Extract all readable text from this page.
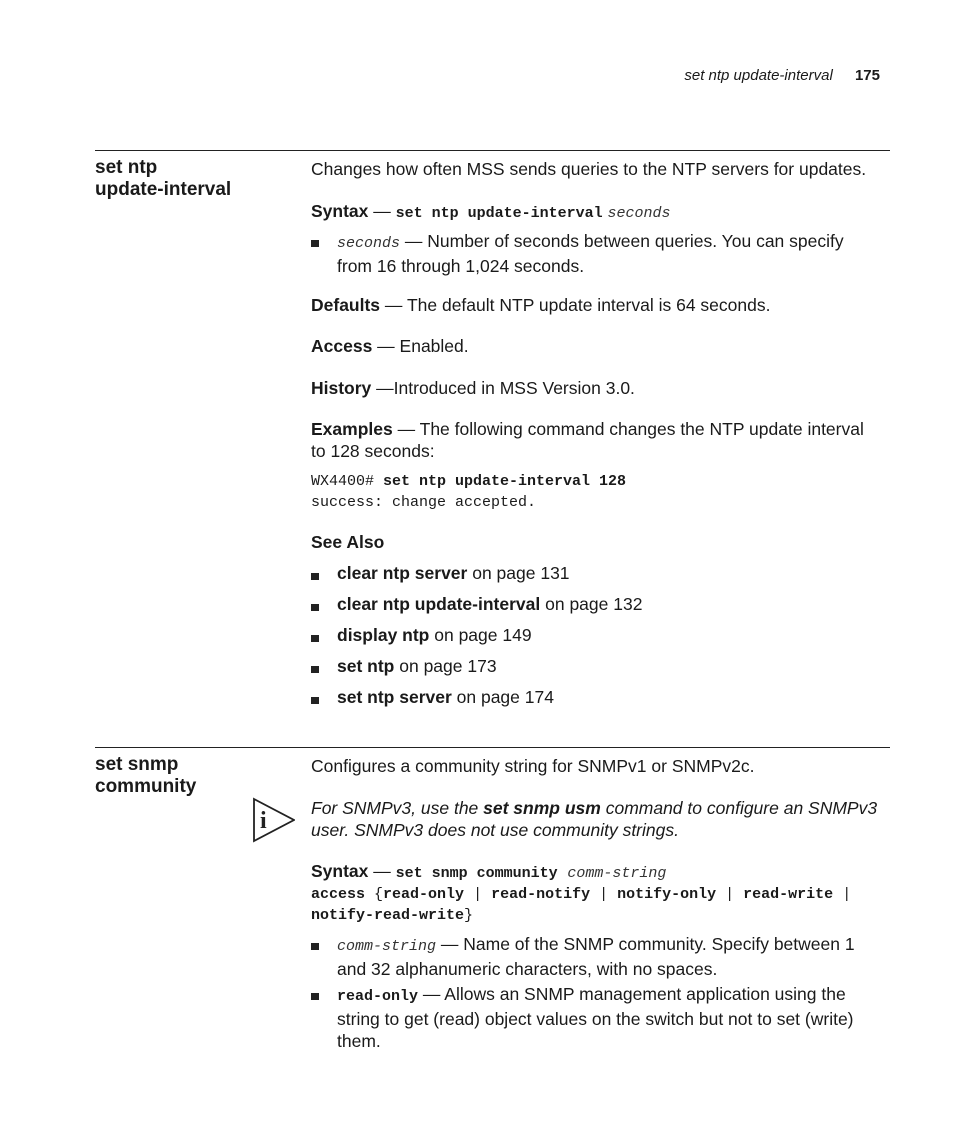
set ntp update-interval 175
set ntp
update-interval
Changes how often MSS sends queries to the NTP servers for updates.
Syntax — set ntp update-interval seconds
seconds — Number of seconds between queries. You can specify
from 16 through 1,024 seconds.
Defaults — The default NTP update interval is 64 seconds.
Access — Enabled.
History —Introduced in MSS Version 3.0.
Examples — The following command changes the NTP update interval
to 128 seconds:
WX4400# set ntp update-interval 128
success: change accepted.
See Also
clear ntp server on page 131
clear ntp update-interval on page 132
display ntp on page 149
set ntp on page 173
set ntp server on page 174
set snmp
community
Configures a community string for SNMPv1 or SNMPv2c.
i	For SNMPv3, use the set snmp usm command to configure an SNMPv3
user. SNMPv3 does not use community strings.
Syntax — set snmp community comm-string
access {read-only | read-notify | notify-only | read-write |
notify-read-write}
comm-string — Name of the SNMP community. Specify between 1
and 32 alphanumeric characters, with no spaces.
read-only — Allows an SNMP management application using the
string to get (read) object values on the switch but not to set (write)
them.
